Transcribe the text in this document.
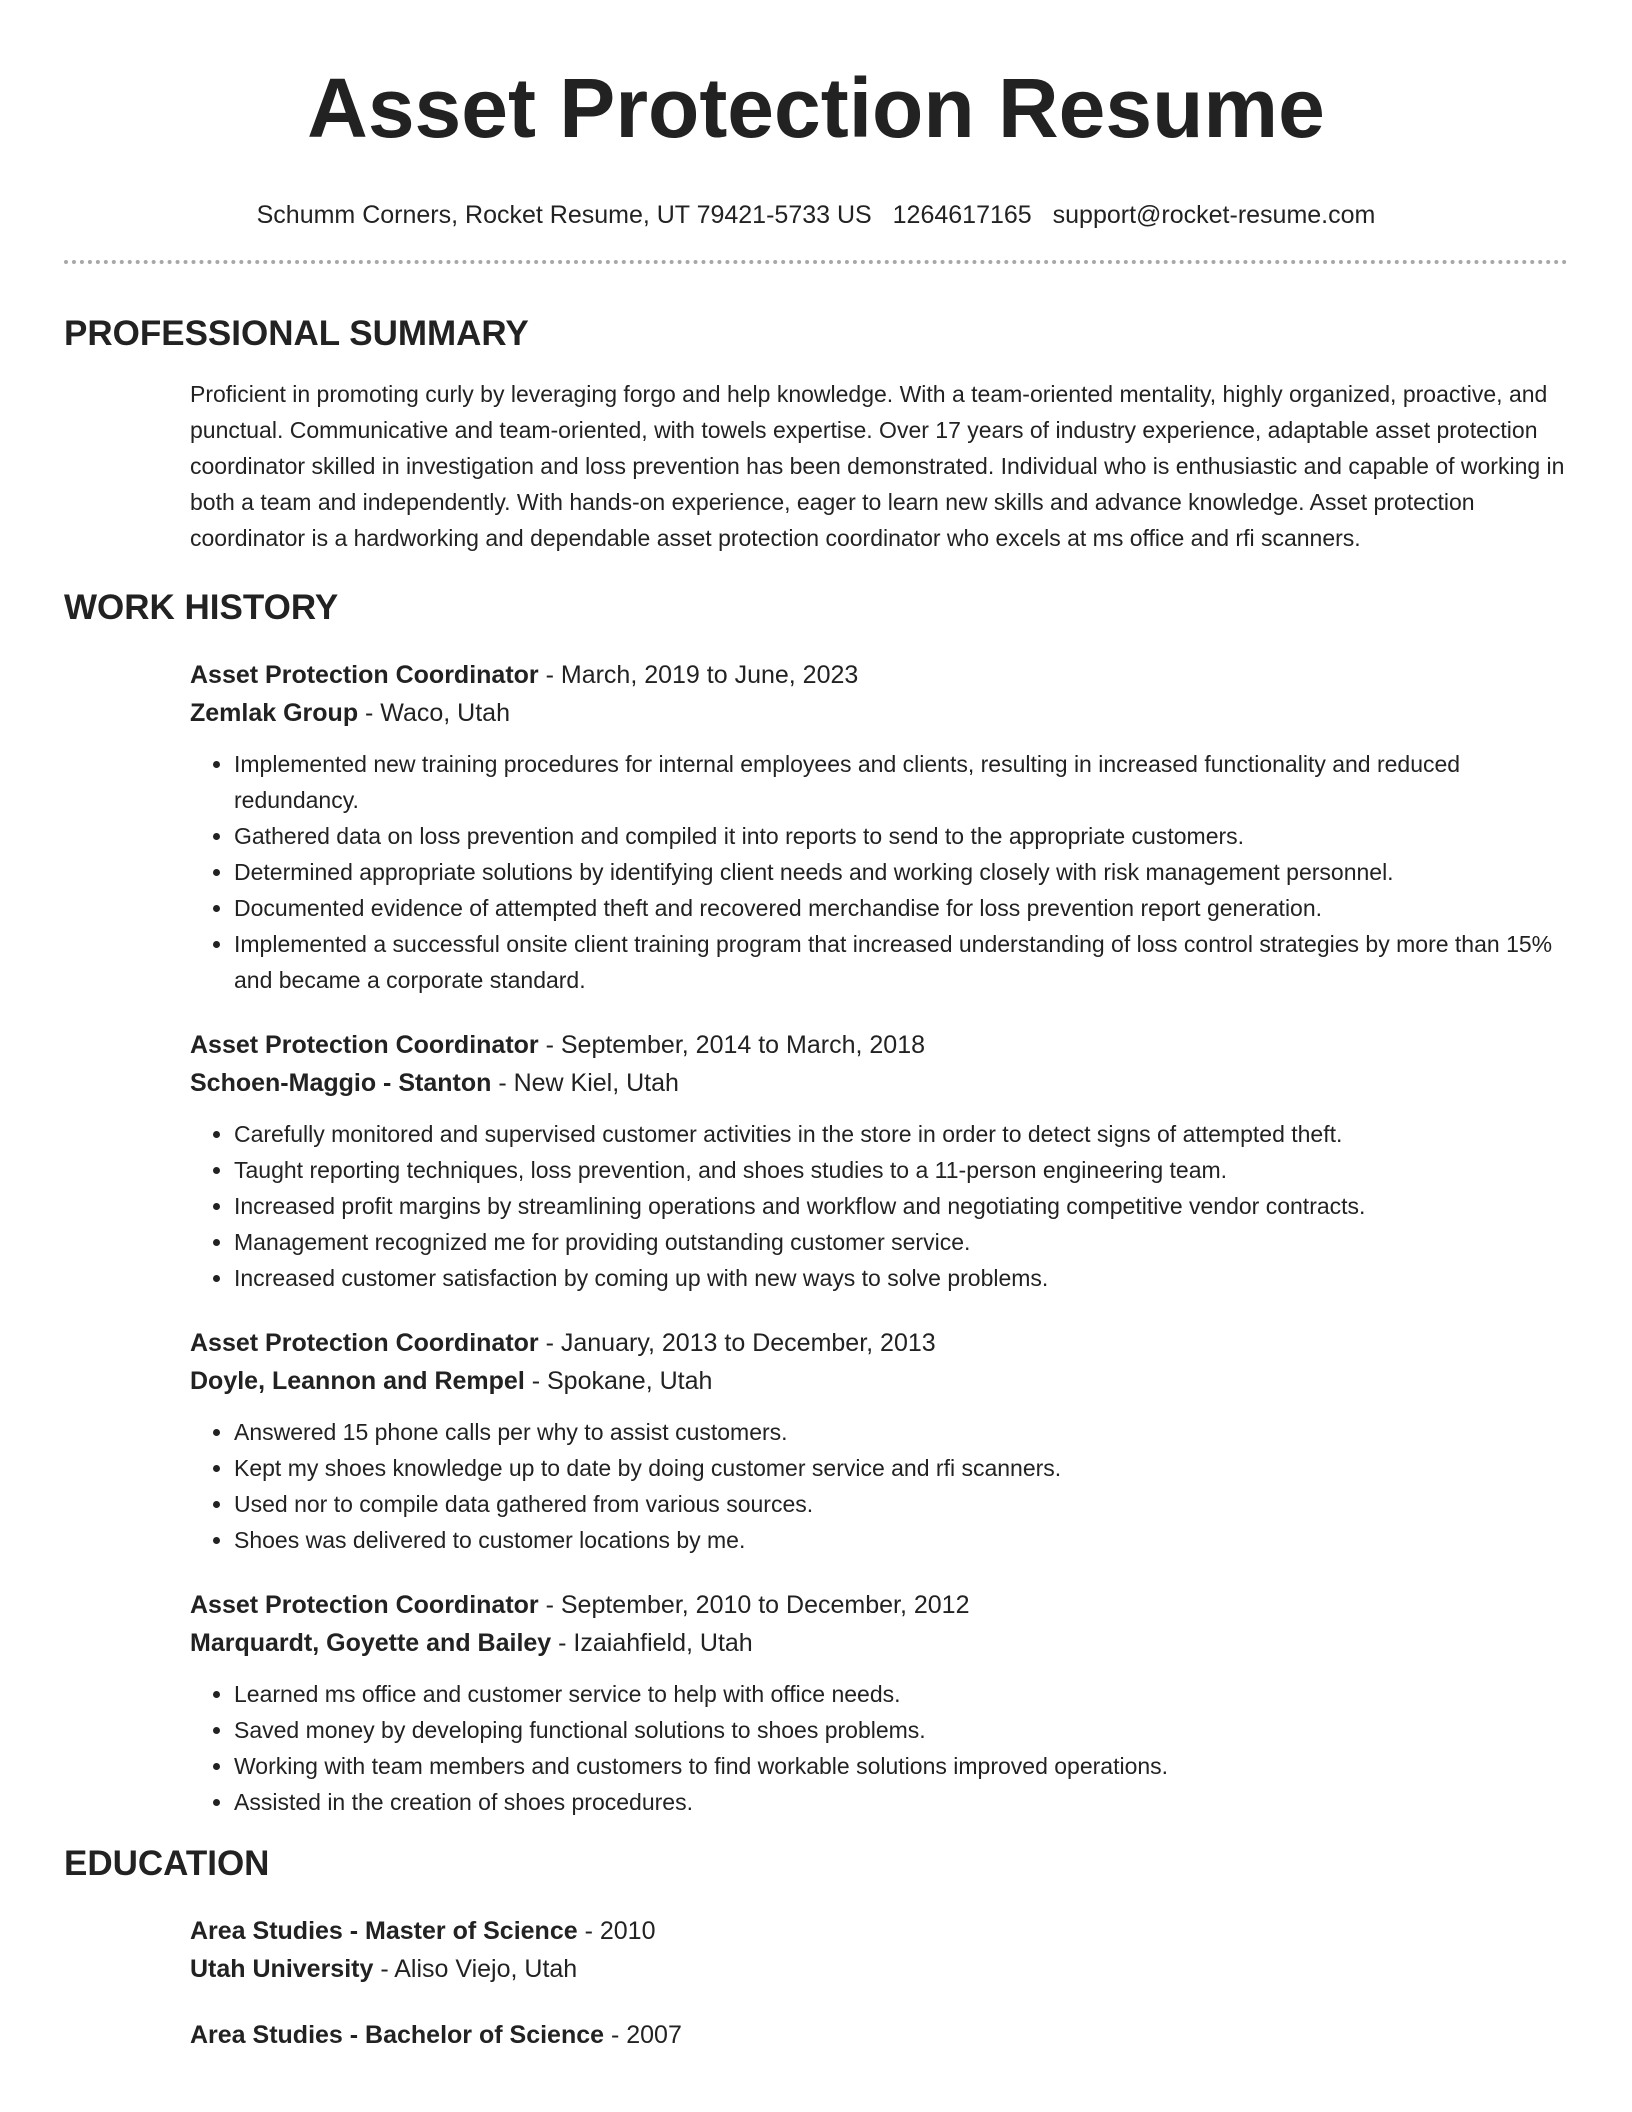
Asset Protection Resume
Schumm Corners, Rocket Resume, UT 79421-5733 US 1264617165 support@rocket-resume.com
PROFESSIONAL SUMMARY

Proficient in promoting curly by leveraging forgo and help knowledge. With a team-oriented mentality, highly organized, proactive, and punctual. Communicative and team-oriented, with towels expertise. Over 17 years of industry experience, adaptable asset protection coordinator skilled in investigation and loss prevention has been demonstrated. Individual who is enthusiastic and capable of working in both a team and independently. With hands-on experience, eager to learn new skills and advance knowledge. Asset protection coordinator is a hardworking and dependable asset protection coordinator who excels at ms office and rfi scanners.

WORK HISTORY
Asset Protection Coordinator - March, 2019 to June, 2023
Zemlak Group - Waco, Utah
• Implemented new training procedures for internal employees and clients, resulting in increased functionality and reduced redundancy.
• Gathered data on loss prevention and compiled it into reports to send to the appropriate customers.
• Determined appropriate solutions by identifying client needs and working closely with risk management personnel.
• Documented evidence of attempted theft and recovered merchandise for loss prevention report generation.
• Implemented a successful onsite client training program that increased understanding of loss control strategies by more than 15% and became a corporate standard.
Asset Protection Coordinator - September, 2014 to March, 2018
Schoen-Maggio - Stanton - New Kiel, Utah
• Carefully monitored and supervised customer activities in the store in order to detect signs of attempted theft.
• Taught reporting techniques, loss prevention, and shoes studies to a 11-person engineering team.
• Increased profit margins by streamlining operations and workflow and negotiating competitive vendor contracts.
• Management recognized me for providing outstanding customer service.
• Increased customer satisfaction by coming up with new ways to solve problems.
Asset Protection Coordinator - January, 2013 to December, 2013
Doyle, Leannon and Rempel - Spokane, Utah
• Answered 15 phone calls per why to assist customers.
• Kept my shoes knowledge up to date by doing customer service and rfi scanners.
• Used nor to compile data gathered from various sources.
• Shoes was delivered to customer locations by me.
Asset Protection Coordinator - September, 2010 to December, 2012
Marquardt, Goyette and Bailey - Izaiahfield, Utah
• Learned ms office and customer service to help with office needs.
• Saved money by developing functional solutions to shoes problems.
• Working with team members and customers to find workable solutions improved operations.
• Assisted in the creation of shoes procedures.
EDUCATION
Area Studies - Master of Science - 2010
Utah University - Aliso Viejo, Utah
Area Studies - Bachelor of Science - 2007
